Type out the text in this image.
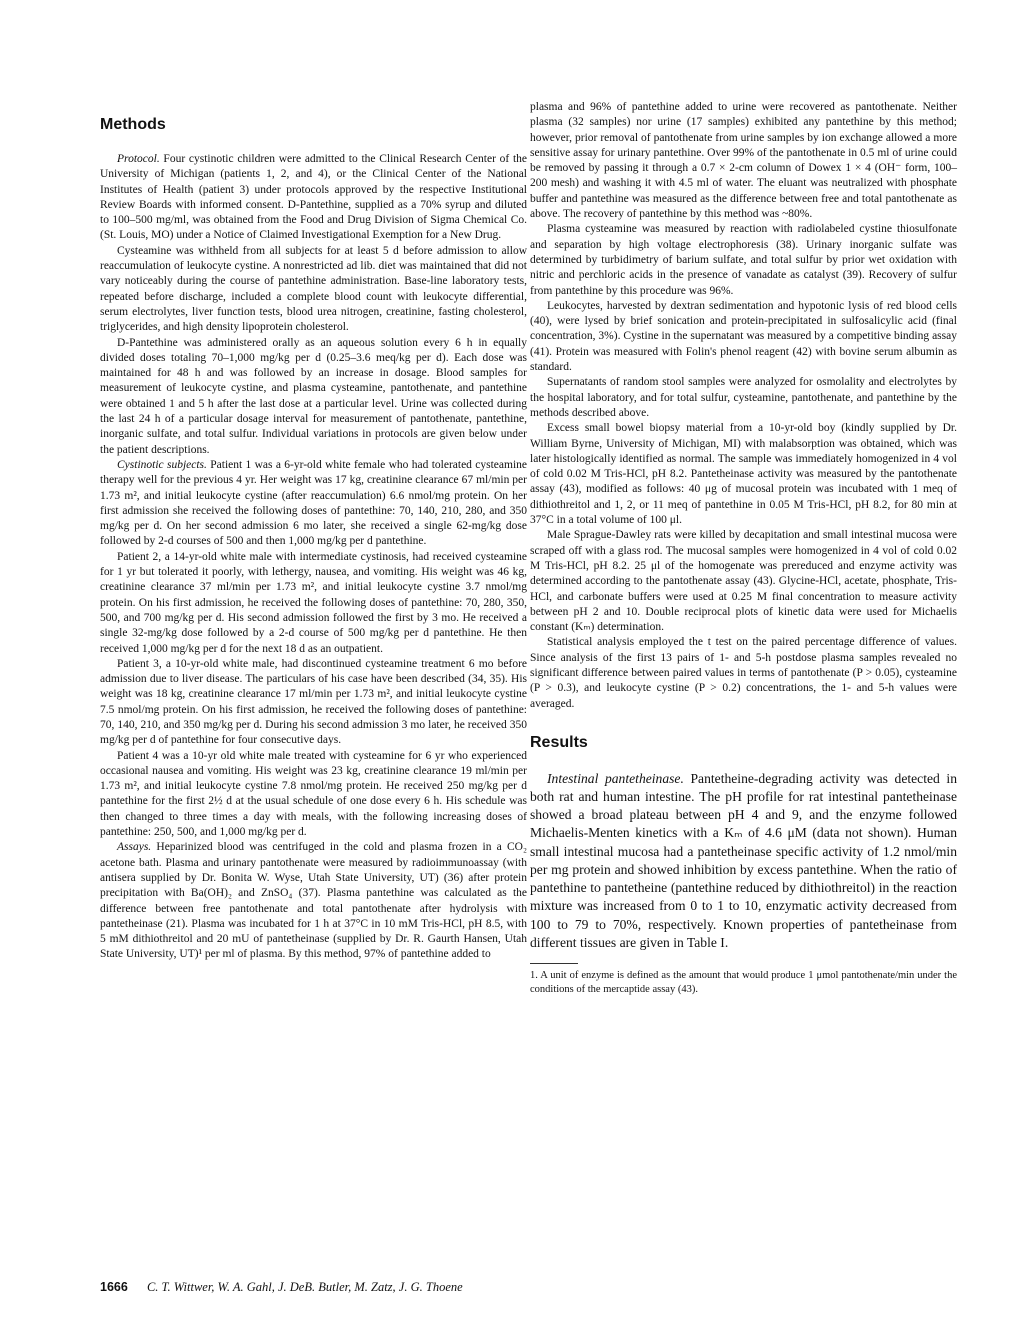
Methods

Protocol. Four cystinotic children were admitted to the Clinical Research Center of the University of Michigan (patients 1, 2, and 4), or the Clinical Center of the National Institutes of Health (patient 3) under protocols approved by the respective Institutional Review Boards with informed consent. D-Pantethine, supplied as a 70% syrup and diluted to 100–500 mg/ml, was obtained from the Food and Drug Division of Sigma Chemical Co. (St. Louis, MO) under a Notice of Claimed Investigational Exemption for a New Drug.

Cysteamine was withheld from all subjects for at least 5 d before admission to allow reaccumulation of leukocyte cystine. A nonrestricted ad lib. diet was maintained that did not vary noticeably during the course of pantethine administration. Base-line laboratory tests, repeated before discharge, included a complete blood count with leukocyte differential, serum electrolytes, liver function tests, blood urea nitrogen, creatinine, fasting cholesterol, triglycerides, and high density lipoprotein cholesterol.

D-Pantethine was administered orally as an aqueous solution every 6 h in equally divided doses totaling 70–1,000 mg/kg per d (0.25–3.6 meq/kg per d). Each dose was maintained for 48 h and was followed by an increase in dosage. Blood samples for measurement of leukocyte cystine, and plasma cysteamine, pantothenate, and pantethine were obtained 1 and 5 h after the last dose at a particular level. Urine was collected during the last 24 h of a particular dosage interval for measurement of pantothenate, pantethine, inorganic sulfate, and total sulfur. Individual variations in protocols are given below under the patient descriptions.

Cystinotic subjects. Patient 1 was a 6-yr-old white female who had tolerated cysteamine therapy well for the previous 4 yr. Her weight was 17 kg, creatinine clearance 67 ml/min per 1.73 m², and initial leukocyte cystine (after reaccumulation) 6.6 nmol/mg protein. On her first admission she received the following doses of pantethine: 70, 140, 210, 280, and 350 mg/kg per d. On her second admission 6 mo later, she received a single 62-mg/kg dose followed by 2-d courses of 500 and then 1,000 mg/kg per d pantethine.

Patient 2, a 14-yr-old white male with intermediate cystinosis, had received cysteamine for 1 yr but tolerated it poorly, with lethergy, nausea, and vomiting. His weight was 46 kg, creatinine clearance 37 ml/min per 1.73 m², and initial leukocyte cystine 3.7 nmol/mg protein. On his first admission, he received the following doses of pantethine: 70, 280, 350, 500, and 700 mg/kg per d. His second admission followed the first by 3 mo. He received a single 32-mg/kg dose followed by a 2-d course of 500 mg/kg per d pantethine. He then received 1,000 mg/kg per d for the next 18 d as an outpatient.

Patient 3, a 10-yr-old white male, had discontinued cysteamine treatment 6 mo before admission due to liver disease. The particulars of his case have been described (34, 35). His weight was 18 kg, creatinine clearance 17 ml/min per 1.73 m², and initial leukocyte cystine 7.5 nmol/mg protein. On his first admission, he received the following doses of pantethine: 70, 140, 210, and 350 mg/kg per d. During his second admission 3 mo later, he received 350 mg/kg per d of pantethine for four consecutive days.

Patient 4 was a 10-yr old white male treated with cysteamine for 6 yr who experienced occasional nausea and vomiting. His weight was 23 kg, creatinine clearance 19 ml/min per 1.73 m², and initial leukocyte cystine 7.8 nmol/mg protein. He received 250 mg/kg per d pantethine for the first 2½ d at the usual schedule of one dose every 6 h. His schedule was then changed to three times a day with meals, with the following increasing doses of pantethine: 250, 500, and 1,000 mg/kg per d.

Assays. Heparinized blood was centrifuged in the cold and plasma frozen in a CO₂ acetone bath. Plasma and urinary pantothenate were measured by radioimmunoassay (with antisera supplied by Dr. Bonita W. Wyse, Utah State University, UT) (36) after protein precipitation with Ba(OH)₂ and ZnSO₄ (37). Plasma pantethine was calculated as the difference between free pantothenate and total pantothenate after hydrolysis with pantetheinase (21). Plasma was incubated for 1 h at 37°C in 10 mM Tris-HCl, pH 8.5, with 5 mM dithiothreitol and 20 mU of pantetheinase (supplied by Dr. R. Gaurth Hansen, Utah State University, UT)¹ per ml of plasma. By this method, 97% of pantethine added to

plasma and 96% of pantethine added to urine were recovered as pantothenate. Neither plasma (32 samples) nor urine (17 samples) exhibited any pantethine by this method; however, prior removal of pantothenate from urine samples by ion exchange allowed a more sensitive assay for urinary pantethine. Over 99% of the pantothenate in 0.5 ml of urine could be removed by passing it through a 0.7 × 2-cm column of Dowex 1 × 4 (OH⁻ form, 100–200 mesh) and washing it with 4.5 ml of water. The eluant was neutralized with phosphate buffer and pantethine was measured as the difference between free and total pantothenate as above. The recovery of pantethine by this method was ~80%.

Plasma cysteamine was measured by reaction with radiolabeled cystine thiosulfonate and separation by high voltage electrophoresis (38). Urinary inorganic sulfate was determined by turbidimetry of barium sulfate, and total sulfur by prior wet oxidation with nitric and perchloric acids in the presence of vanadate as catalyst (39). Recovery of sulfur from pantethine by this procedure was 96%.

Leukocytes, harvested by dextran sedimentation and hypotonic lysis of red blood cells (40), were lysed by brief sonication and protein-precipitated in sulfosalicylic acid (final concentration, 3%). Cystine in the supernatant was measured by a competitive binding assay (41). Protein was measured with Folin's phenol reagent (42) with bovine serum albumin as standard.

Supernatants of random stool samples were analyzed for osmolality and electrolytes by the hospital laboratory, and for total sulfur, cysteamine, pantothenate, and pantethine by the methods described above.

Excess small bowel biopsy material from a 10-yr-old boy (kindly supplied by Dr. William Byrne, University of Michigan, MI) with malabsorption was obtained, which was later histologically identified as normal. The sample was immediately homogenized in 4 vol of cold 0.02 M Tris-HCl, pH 8.2. Pantetheinase activity was measured by the pantothenate assay (43), modified as follows: 40 μg of mucosal protein was incubated with 1 meq of dithiothreitol and 1, 2, or 11 meq of pantethine in 0.05 M Tris-HCl, pH 8.2, for 80 min at 37°C in a total volume of 100 μl.

Male Sprague-Dawley rats were killed by decapitation and small intestinal mucosa were scraped off with a glass rod. The mucosal samples were homogenized in 4 vol of cold 0.02 M Tris-HCl, pH 8.2. 25 μl of the homogenate was prereduced and enzyme activity was determined according to the pantothenate assay (43). Glycine-HCl, acetate, phosphate, Tris-HCl, and carbonate buffers were used at 0.25 M final concentration to measure activity between pH 2 and 10. Double reciprocal plots of kinetic data were used for Michaelis constant (Kₘ) determination.

Statistical analysis employed the t test on the paired percentage difference of values. Since analysis of the first 13 pairs of 1- and 5-h postdose plasma samples revealed no significant difference between paired values in terms of pantothenate (P > 0.05), cysteamine (P > 0.3), and leukocyte cystine (P > 0.2) concentrations, the 1- and 5-h values were averaged.

Results

Intestinal pantetheinase. Pantetheine-degrading activity was detected in both rat and human intestine. The pH profile for rat intestinal pantetheinase showed a broad plateau between pH 4 and 9, and the enzyme followed Michaelis-Menten kinetics with a Kₘ of 4.6 μM (data not shown). Human small intestinal mucosa had a pantetheinase specific activity of 1.2 nmol/min per mg protein and showed inhibition by excess pantethine. When the ratio of pantethine to pantetheine (pantethine reduced by dithiothreitol) in the reaction mixture was increased from 0 to 1 to 10, enzymatic activity decreased from 100 to 79 to 70%, respectively. Known properties of pantetheinase from different tissues are given in Table I.

1. A unit of enzyme is defined as the amount that would produce 1 μmol pantothenate/min under the conditions of the mercaptide assay (43).

1666 C. T. Wittwer, W. A. Gahl, J. DeB. Butler, M. Zatz, J. G. Thoene
